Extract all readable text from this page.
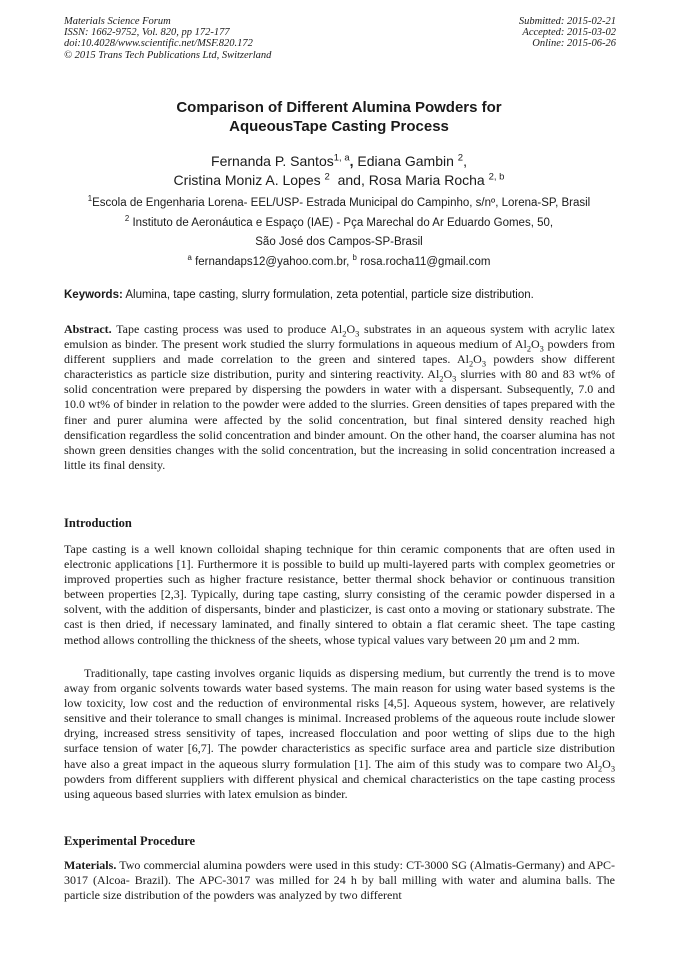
Materials Science Forum
ISSN: 1662-9752, Vol. 820, pp 172-177
doi:10.4028/www.scientific.net/MSF.820.172
© 2015 Trans Tech Publications Ltd, Switzerland
Submitted: 2015-02-21
Accepted: 2015-03-02
Online: 2015-06-26
Comparison of Different Alumina Powders for
AqueousTape Casting Process
Fernanda P. Santos$^{1, a}$, Ediana Gambin $^2$,
Cristina Moniz A. Lopes $^2$ and, Rosa Maria Rocha $^{2, b}$
$^1$Escola de Engenharia Lorena- EEL/USP- Estrada Municipal do Campinho, s/nº, Lorena-SP, Brasil
$^2$ Instituto de Aeronáutica e Espaço (IAE) - Pça Marechal do Ar Eduardo Gomes, 50,
São José dos Campos-SP-Brasil
$^a$ fernandaps12@yahoo.com.br, $^b$ rosa.rocha11@gmail.com
Keywords: Alumina, tape casting, slurry formulation, zeta potential, particle size distribution.
Abstract. Tape casting process was used to produce $Al_2O_3$ substrates in an aqueous system with acrylic latex emulsion as binder. The present work studied the slurry formulations in aqueous medium of $Al_2O_3$ powders from different suppliers and made correlation to the green and sintered tapes. $Al_2O_3$ powders show different characteristics as particle size distribution, purity and sintering reactivity. $Al_2O_3$ slurries with 80 and 83 wt% of solid concentration were prepared by dispersing the powders in water with a dispersant. Subsequently, 7.0 and 10.0 wt% of binder in relation to the powder were added to the slurries. Green densities of tapes prepared with the finer and purer alumina were affected by the solid concentration, but final sintered density reached high densification regardless the solid concentration and binder amount. On the other hand, the coarser alumina has not shown green densities changes with the solid concentration, but the increasing in solid concentration increased a little its final density.
Introduction
Tape casting is a well known colloidal shaping technique for thin ceramic components that are often used in electronic applications [1]. Furthermore it is possible to build up multi-layered parts with complex geometries or improved properties such as higher fracture resistance, better thermal shock behavior or continuous transition between properties [2,3]. Typically, during tape casting, slurry consisting of the ceramic powder dispersed in a solvent, with the addition of dispersants, binder and plasticizer, is cast onto a moving or stationary substrate. The cast is then dried, if necessary laminated, and finally sintered to obtain a flat ceramic sheet. The tape casting method allows controlling the thickness of the sheets, whose typical values vary between 20 µm and 2 mm.
Traditionally, tape casting involves organic liquids as dispersing medium, but currently the trend is to move away from organic solvents towards water based systems. The main reason for using water based systems is the low toxicity, low cost and the reduction of environmental risks [4,5]. Aqueous system, however, are relatively sensitive and their tolerance to small changes is minimal. Increased problems of the aqueous route include slower drying, increased stress sensitivity of tapes, increased flocculation and poor wetting of slips due to the high surface tension of water [6,7]. The powder characteristics as specific surface area and particle size distribution have also a great impact in the aqueous slurry formulation [1]. The aim of this study was to compare two $Al_2O_3$ powders from different suppliers with different physical and chemical characteristics on the tape casting process using aqueous based slurries with latex emulsion as binder.
Experimental Procedure
Materials. Two commercial alumina powders were used in this study: CT-3000 SG (Almatis-Germany) and APC-3017 (Alcoa- Brazil). The APC-3017 was milled for 24 h by ball milling with water and alumina balls. The particle size distribution of the powders was analyzed by two different
